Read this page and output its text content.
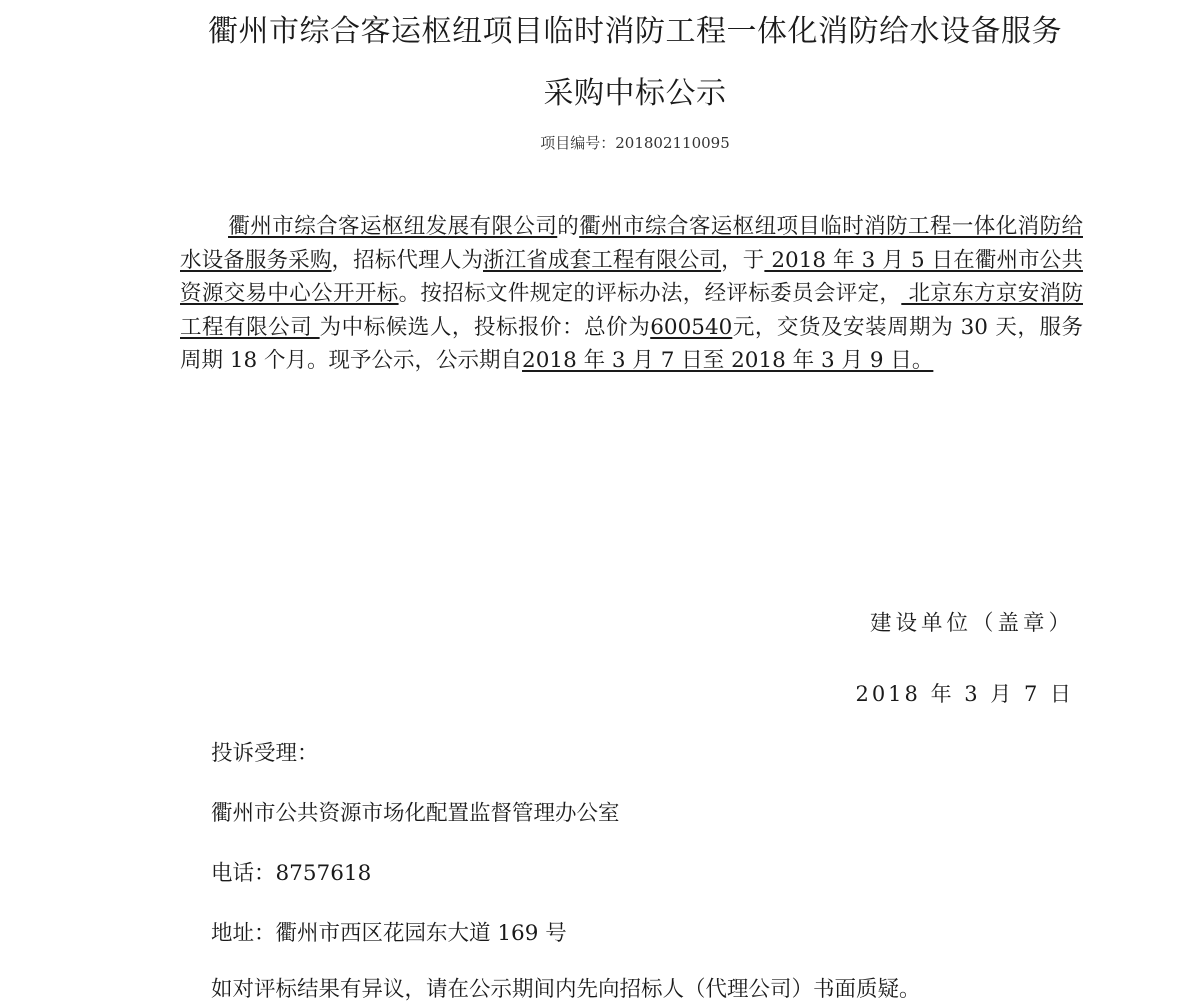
衢州市综合客运枢纽项目临时消防工程一体化消防给水设备服务
采购中标公示
项目编号：201802110095
衢州市综合客运枢纽发展有限公司的衢州市综合客运枢纽项目临时消防工程一体化消防给水设备服务采购，招标代理人为浙江省成套工程有限公司，于 2018 年 3 月 5 日在衢州市公共资源交易中心公开开标。按招标文件规定的评标办法，经评标委员会评定， 北京东方京安消防工程有限公司 为中标候选人，投标报价：总价为600540元，交货及安装周期为 30 天，服务周期 18 个月。现予公示，公示期自2018 年 3 月 7 日至 2018 年 3 月 9 日。
建设单位（盖章）
2018 年 3 月 7 日
投诉受理：
衢州市公共资源市场化配置监督管理办公室
电话：8757618
地址：衢州市西区花园东大道 169 号
如对评标结果有异议，请在公示期间内先向招标人（代理公司）书面质疑。
